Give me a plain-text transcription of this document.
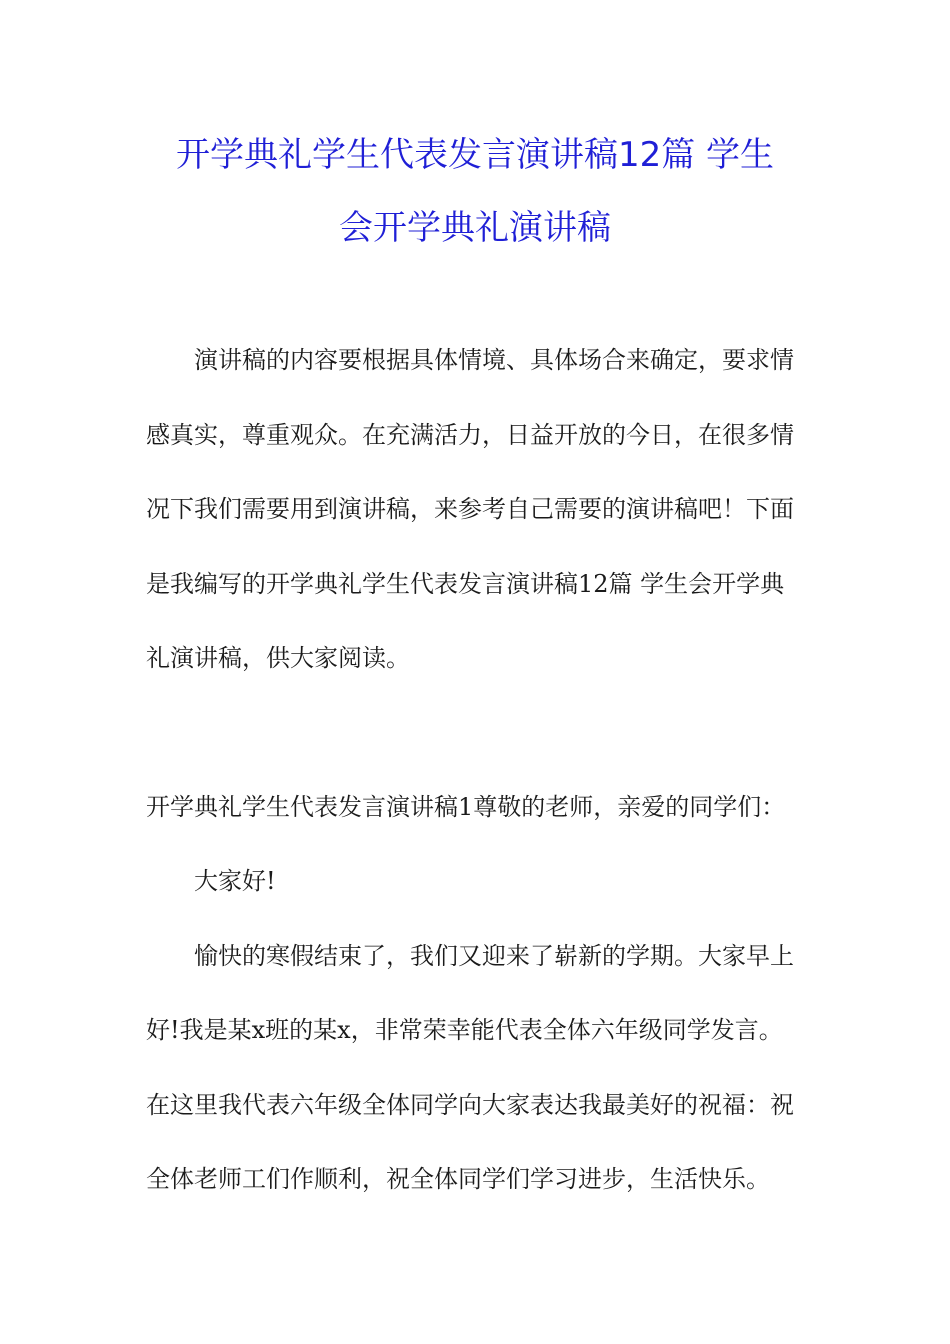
开学典礼学生代表发言演讲稿12篇 学生
会开学典礼演讲稿
演讲稿的内容要根据具体情境、具体场合来确定，要求情
感真实，尊重观众。在充满活力，日益开放的今日，在很多情
况下我们需要用到演讲稿，来参考自己需要的演讲稿吧！下面
是我编写的开学典礼学生代表发言演讲稿12篇 学生会开学典
礼演讲稿，供大家阅读。
开学典礼学生代表发言演讲稿1尊敬的老师，亲爱的同学们：
大家好!
愉快的寒假结束了，我们又迎来了崭新的学期。大家早上
好!我是某x班的某x，非常荣幸能代表全体六年级同学发言。
在这里我代表六年级全体同学向大家表达我最美好的祝福：祝
全体老师工们作顺利，祝全体同学们学习进步，生活快乐。
